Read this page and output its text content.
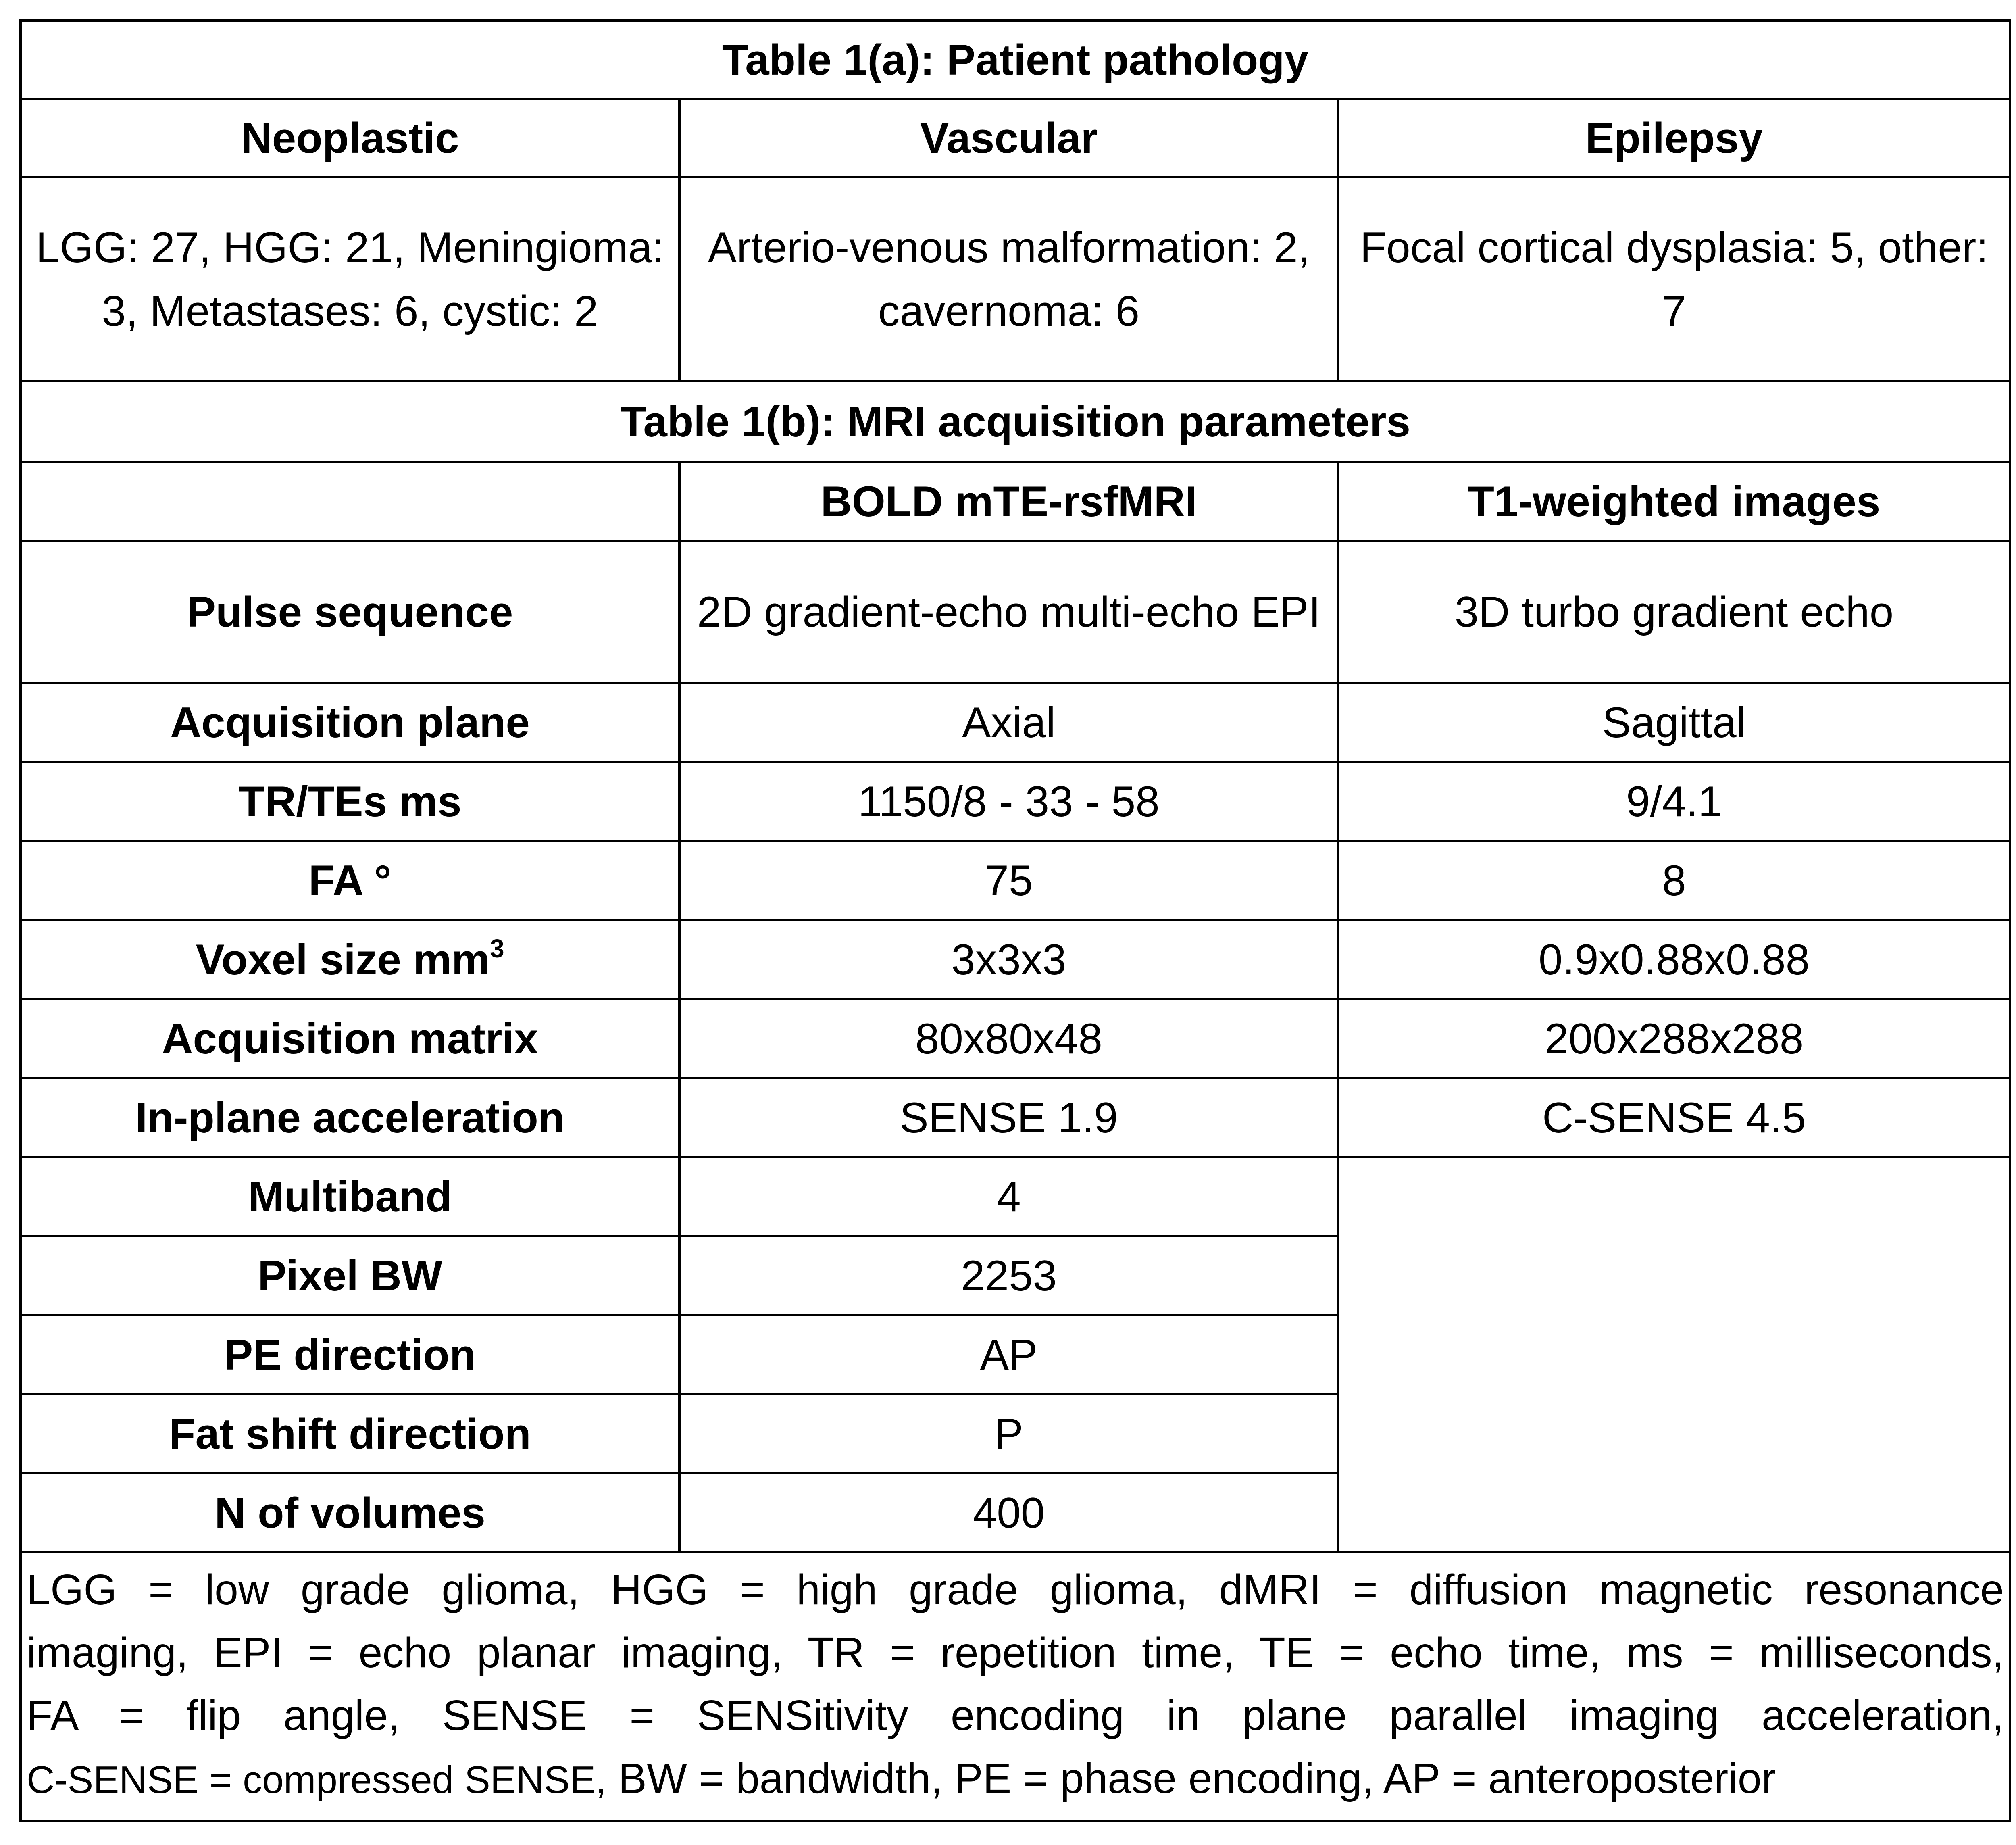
Table 1(a): Patient pathology		
Neoplastic	Vascular	Epilepsy
LGG: 27, HGG: 21, Meningioma: 3, Metastases: 6, cystic: 2	Arterio-venous malformation: 2, cavernoma: 6	Focal cortical dysplasia: 5, other: 7
Table 1(b): MRI acquisition parameters		
	BOLD mTE-rsfMRI	T1-weighted images
Pulse sequence	2D gradient-echo multi-echo EPI	3D turbo gradient echo
Acquisition plane	Axial	Sagittal
TR/TEs ms	1150/8 - 33 - 58	9/4.1
FA °	75	8
Voxel size $mm^3$	3x3x3	0.9x0.88x0.88
Acquisition matrix	80x80x48	200x288x288
In-plane acceleration	SENSE 1.9	C-SENSE 4.5
Multiband	4	
Pixel BW	2253	
PE direction	AP	
Fat shift direction	P	
N of volumes	400	

LGG = low grade glioma, HGG = high grade glioma, dMRI = diffusion magnetic resonance
imaging, EPI = echo planar imaging, TR = repetition time, TE = echo time, ms = milliseconds,
FA = flip angle, SENSE = SENSitivity encoding in plane parallel imaging acceleration,
C-SENSE = compressed SENSE, BW = bandwidth, PE = phase encoding, AP = anteroposterior		
